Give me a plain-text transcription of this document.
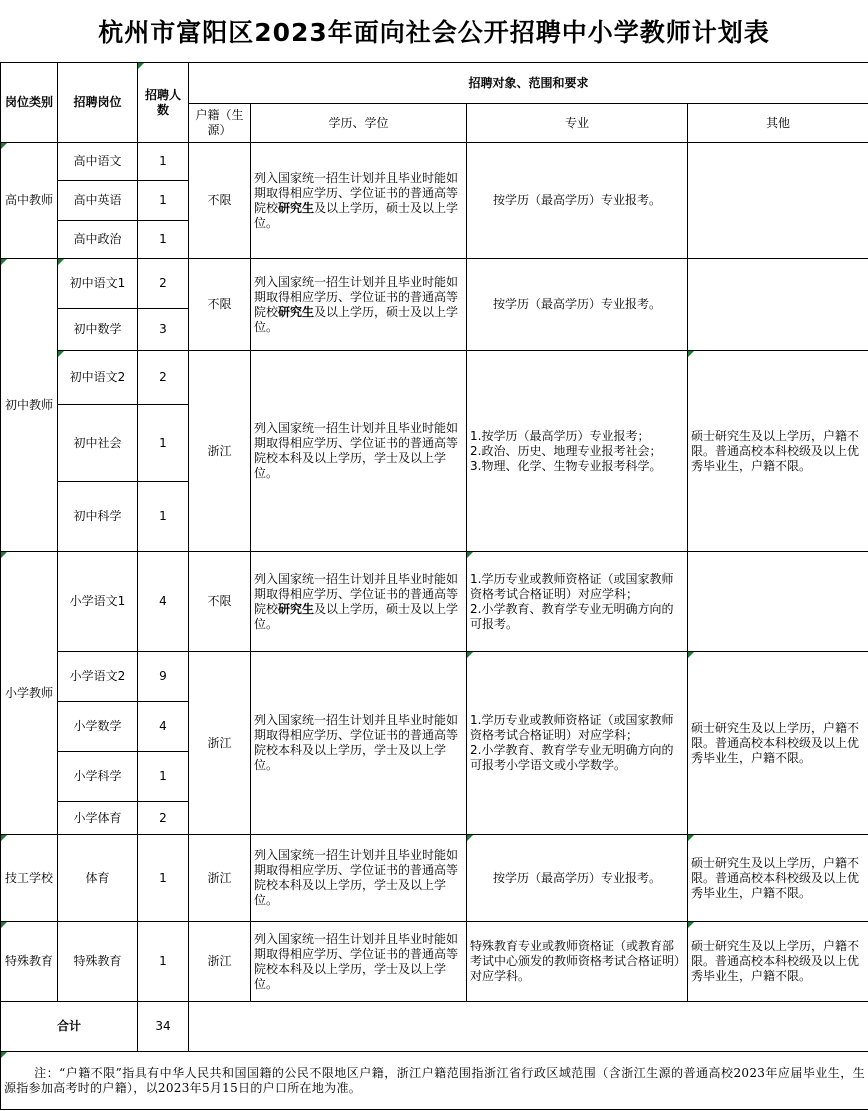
杭州市富阳区2023年面向社会公开招聘中小学教师计划表
岗位类别	招聘岗位	招聘人数	招聘对象、范围和要求			
			户籍（生源）	学历、学位	专业	其他
高中教师	高中语文	1	不限	列入国家统一招生计划并且毕业时能如期取得相应学历、学位证书的普通高等院校研究生及以上学历，硕士及以上学位。	按学历（最高学历）专业报考。	
	高中英语	1				
	高中政治	1				
初中教师	初中语文1	2	不限	列入国家统一招生计划并且毕业时能如期取得相应学历、学位证书的普通高等院校研究生及以上学历，硕士及以上学位。	按学历（最高学历）专业报考。	
	初中数学	3				
	初中语文2	2	浙江	列入国家统一招生计划并且毕业时能如期取得相应学历、学位证书的普通高等院校本科及以上学历，学士及以上学位。	1.按学历（最高学历）专业报考；
2.政治、历史、地理专业报考社会；
3.物理、化学、生物专业报考科学。	硕士研究生及以上学历，户籍不限。普通高校本科校级及以上优秀毕业生，户籍不限。
	初中社会	1				
	初中科学	1				
小学教师	小学语文1	4	不限	列入国家统一招生计划并且毕业时能如期取得相应学历、学位证书的普通高等院校研究生及以上学历，硕士及以上学位。	1.学历专业或教师资格证（或国家教师资格考试合格证明）对应学科；
2.小学教育、教育学专业无明确方向的可报考。	

	小学语文2	9	浙江	列入国家统一招生计划并且毕业时能如期取得相应学历、学位证书的普通高等院校本科及以上学历，学士及以上学位。	1.学历专业或教师资格证（或国家教师资格考试合格证明）对应学科；
2.小学教育、教育学专业无明确方向的可报考小学语文或小学数学。	硕士研究生及以上学历，户籍不限。普通高校本科校级及以上优秀毕业生，户籍不限。
	小学数学	4				
	小学科学	1				
	小学体育	2				
技工学校	体育	1	浙江	列入国家统一招生计划并且毕业时能如期取得相应学历、学位证书的普通高等院校本科及以上学历，学士及以上学位。	按学历（最高学历）专业报考。	硕士研究生及以上学历，户籍不限。普通高校本科校级及以上优秀毕业生，户籍不限。
特殊教育	特殊教育	1	浙江	列入国家统一招生计划并且毕业时能如期取得相应学历、学位证书的普通高等院校本科及以上学历，学士及以上学位。	特殊教育专业或教师资格证（或教育部考试中心颁发的教师资格考试合格证明）对应学科。	硕士研究生及以上学历，户籍不限。普通高校本科校级及以上优秀毕业生，户籍不限。
合计		34				
注：“户籍不限”指具有中华人民共和国国籍的公民不限地区户籍，浙江户籍范围指浙江省行政区域范围（含浙江生源的普通高校2023年应届毕业生，生源指参加高考时的户籍），以2023年5月15日的户口所在地为准。						
